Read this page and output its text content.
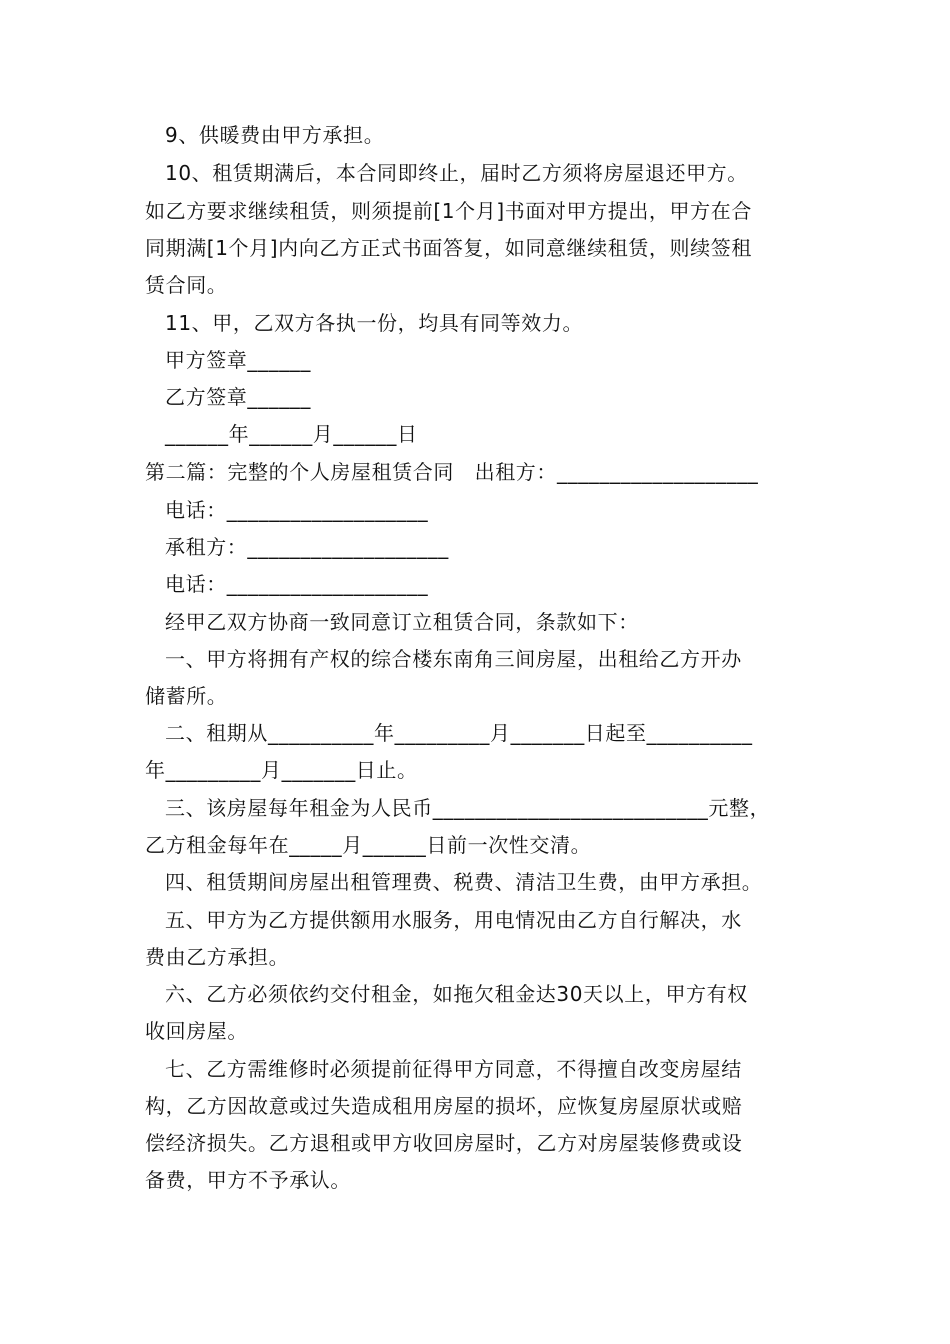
9、供暖费由甲方承担。
10、租赁期满后，本合同即终止，届时乙方须将房屋退还甲方。
如乙方要求继续租赁，则须提前[1个月]书面对甲方提出，甲方在合
同期满[1个月]内向乙方正式书面答复，如同意继续租赁，则续签租
赁合同。
11、甲，乙双方各执一份，均具有同等效力。
甲方签章______
乙方签章______
______年______月______日
第二篇：完整的个人房屋租赁合同　出租方：___________________
电话：___________________
承租方：___________________
电话：___________________
经甲乙双方协商一致同意订立租赁合同，条款如下：
一、甲方将拥有产权的综合楼东南角三间房屋，出租给乙方开办
储蓄所。
二、租期从__________年_________月_______日起至__________
年_________月_______日止。
三、该房屋每年租金为人民币__________________________元整，
乙方租金每年在_____月______日前一次性交清。
四、租赁期间房屋出租管理费、税费、清洁卫生费，由甲方承担。
五、甲方为乙方提供额用水服务，用电情况由乙方自行解决，水
费由乙方承担。
六、乙方必须依约交付租金，如拖欠租金达30天以上，甲方有权
收回房屋。
七、乙方需维修时必须提前征得甲方同意，不得擅自改变房屋结
构，乙方因故意或过失造成租用房屋的损坏，应恢复房屋原状或赔
偿经济损失。乙方退租或甲方收回房屋时，乙方对房屋装修费或设
备费，甲方不予承认。
